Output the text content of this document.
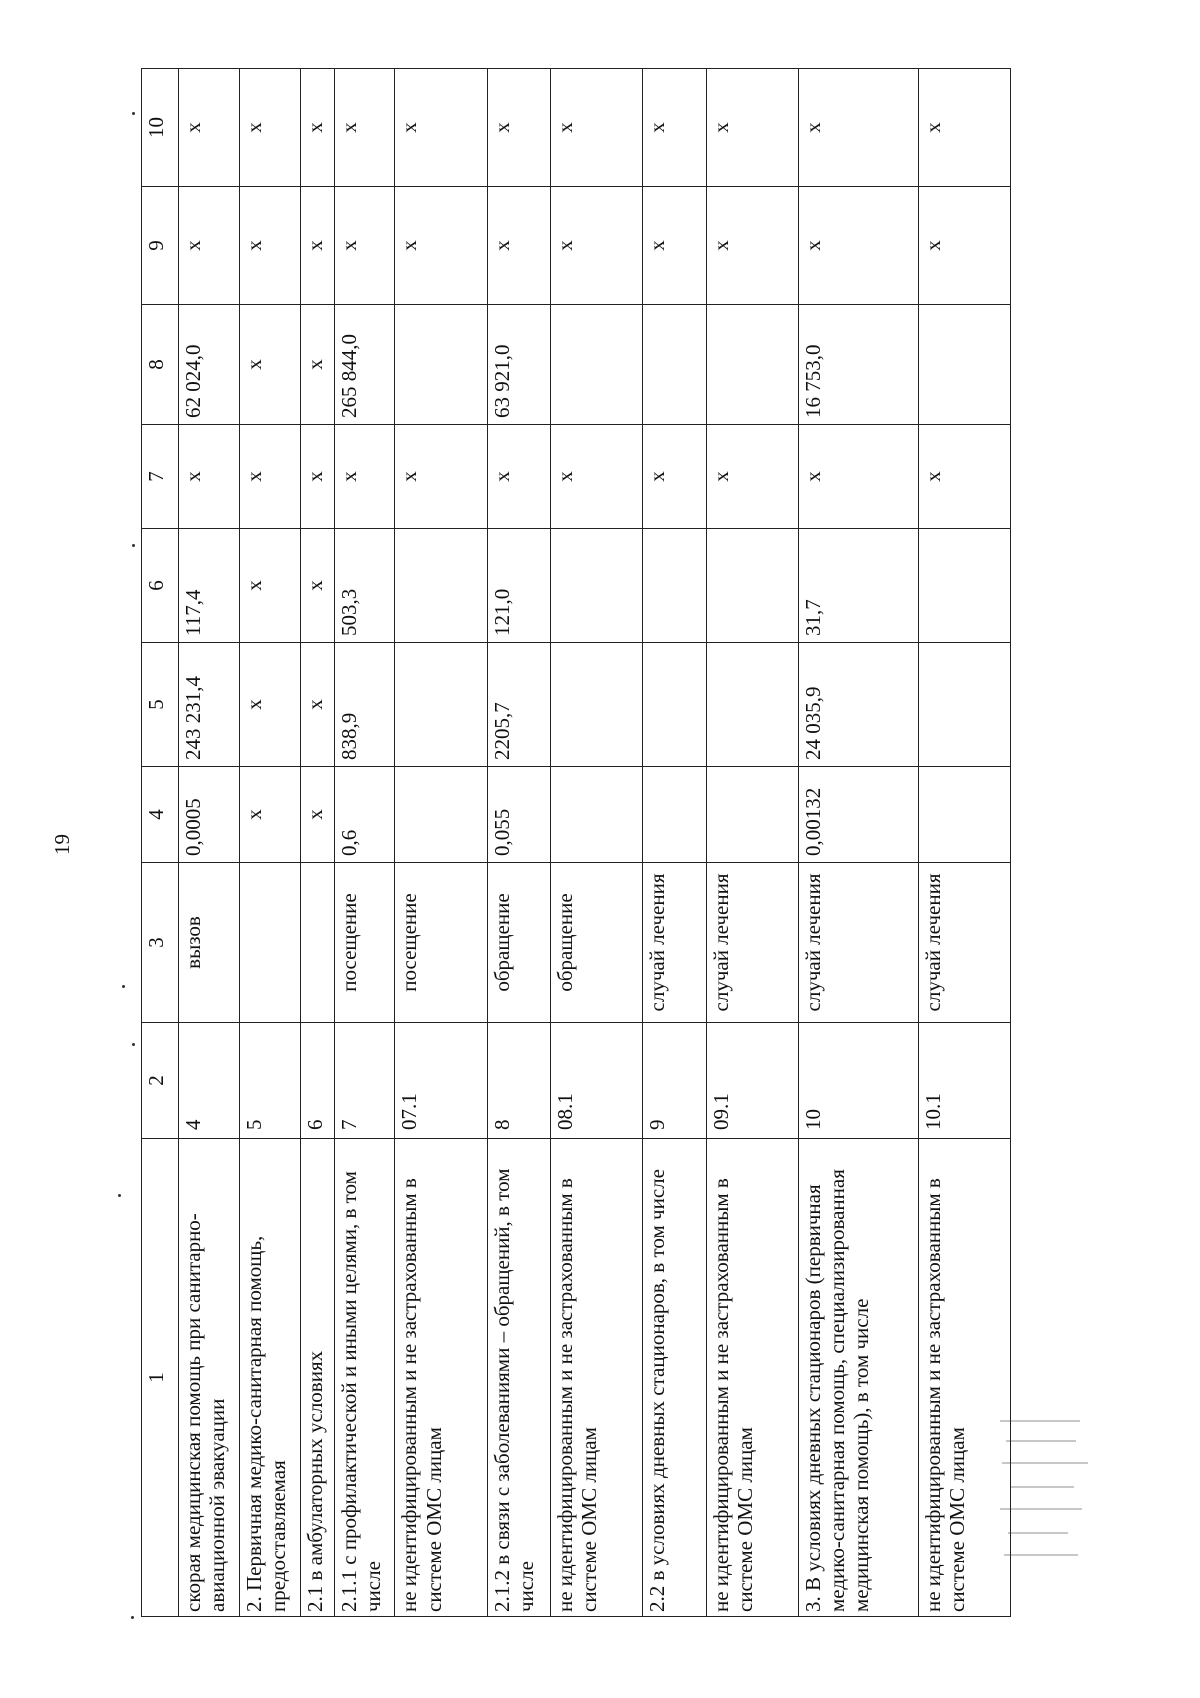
19
1	2	3	4	5	6	7	8	9	10
скорая медицинская помощь при санитарно-авиационной эвакуации	4	вызов	0,0005	243 231,4	117,4	х	62 024,0	х	х
2. Первичная медико-санитарная помощь, предоставляемая	5		х	х	х	х	х	х	х
2.1 в амбулаторных условиях	6		х	х	х	х	х	х	х
2.1.1 с профилактической и иными целями, в том числе	7	посещение	0,6	838,9	503,3	х	265 844,0	х	х
не идентифицированным и не застрахованным в системе ОМС лицам	07.1	посещение				х		х	х
2.1.2 в связи с заболеваниями – обращений, в том числе	8	обращение	0,055	2205,7	121,0	х	63 921,0	х	х
не идентифицированным и не застрахованным в системе ОМС лицам	08.1	обращение				х		х	х
2.2 в условиях дневных стационаров, в том числе	9	случай лечения				х		х	х
не идентифицированным и не застрахованным в системе ОМС лицам	09.1	случай лечения				х		х	х
3. В условиях дневных стационаров (первичная медико-санитарная помощь, специализированная медицинская помощь), в том числе	10	случай лечения	0,00132	24 035,9	31,7	х	16 753,0	х	х
не идентифицированным и не застрахованным в системе ОМС лицам	10.1	случай лечения				х		х	х
